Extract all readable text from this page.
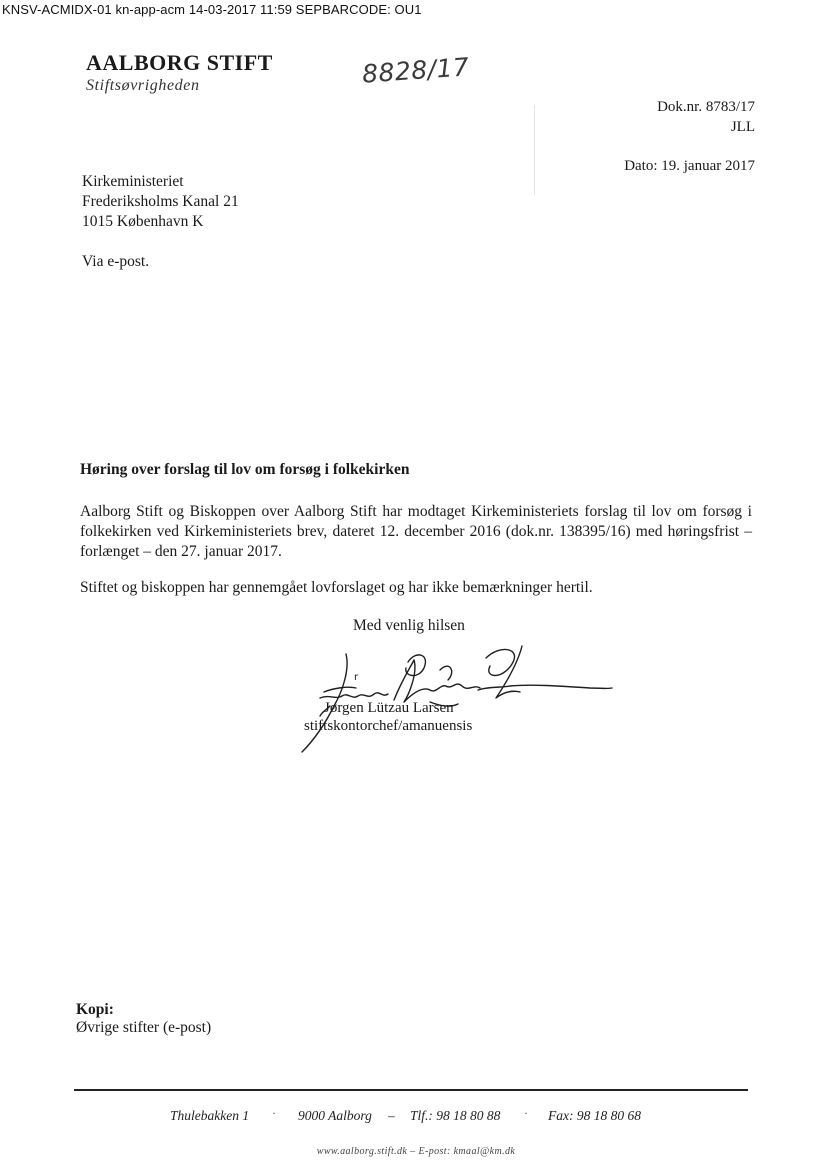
KNSV-ACMIDX-01 kn-app-acm 14-03-2017 11:59 SEPBARCODE: OU1
AALBORG STIFT
Stiftsøvrigheden	8828/17
Dok.nr. 8783/17
JLL
Dato: 19. januar 2017
Kirkeministeriet
Frederiksholms Kanal 21
1015 København K
Via e-post.
Høring over forslag til lov om forsøg i folkekirken

Aalborg Stift og Biskoppen over Aalborg Stift har modtaget Kirkeministeriets forslag til lov om forsøg i folkekirken ved Kirkeministeriets brev, dateret 12. december 2016 (dok.nr. 138395/16) med høringsfrist – forlænget – den 27. januar 2017.

Stiftet og biskoppen har gennemgået lovforslaget og har ikke bemærkninger hertil.

Med venlig hilsen
r
Jørgen Lützau Larsen
stiftskontorchef/amanuensis
Kopi:
Øvrige stifter (e-post)
Thulebakken 1 · 9000 Aalborg – Tlf.: 98 18 80 88 · Fax: 98 18 80 68
www.aalborg.stift.dk – E-post: kmaal@km.dk
